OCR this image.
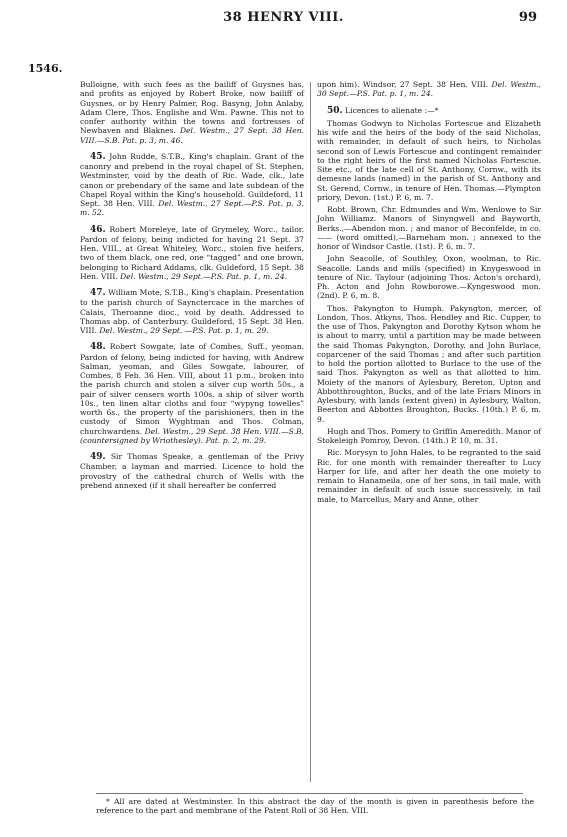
38 HENRY VIII.	99
1546.

Bulloigne, with such fees as the bailiff of Guysnes has, and profits as enjoyed by Robert Broke, now bailiff of Guysnes, or by Henry Palmer, Rog. Basyng, John Anlaby, Adam Clere, Thos. Englishe and Wm. Pawne. This not to confer authority within the towns and fortresses of Newhaven and Blaknes. Del. Westm., 27 Sept. 38 Hen. VIII.—S.B. Pat. p. 3, m. 46.

45. John Rudde, S.T.B., King's chaplain. Grant of the canonry and prebend in the royal chapel of St. Stephen, Westminster, void by the death of Ric. Wade, clk., late canon or prebendary of the same and late subdean of the Chapel Royal within the King's household. Guildeford, 11 Sept. 38 Hen. VIII. Del. Westm., 27 Sept.—P.S. Pat. p. 3, m. 52.

46. Robert Moreleye, late of Grymeley, Worc., tailor. Pardon of felony, being indicted for having 21 Sept. 37 Hen. VIII., at Great Whiteley, Worc., stolen five heifers, two of them black, one red, one “tagged” and one brown, belonging to Richard Addams, clk. Guldeford, 15 Sept. 38 Hen. VIII. Del. Westm., 29 Sept.—P.S. Pat. p. 1, m. 24.

47. William Mote, S.T.B., King's chaplain. Presentation to the parish church of Saynctercace in the marches of Calais, Theroanne dioc., void by death. Addressed to Thomas abp. of Canterbury. Guildeford, 15 Sept. 38 Hen. VIII. Del. Westm., 29 Sept. —P.S. Pat. p. 1, m. 29.

48. Robert Sowgate, late of Combes, Suff., yeoman. Pardon of felony, being indicted for having, with Andrew Salman, yeoman, and Giles Sowgate, labourer, of Combes, 8 Feb. 36 Hen. VIII, about 11 p.m., broken into the parish church and stolen a silver cup worth 50s., a pair of silver censers worth 100s. a ship of silver worth 10s., ten linen altar cloths and four “wypyng towelles” worth 6s., the property of the parishioners, then in the custody of Simon Wyghtman and Thos. Colman, churchwardens. Del. Westm., 29 Sept. 38 Hen. VIII.—S.B. (countersigned by Wriothesley). Pat. p. 2, m. 29.

49. Sir Thomas Speake, a gentleman of the Privy Chamber, a layman and married. Licence to hold the provostry of the cathedral church of Wells with the prebend annexed (if it shall hereafter be conferred

upon him). Windsor, 27 Sept. 38 Hen. VIII. Del. Westm., 30 Sept.—P.S. Pat. p. 1, m. 24.

50. Licences to alienate :—*

Thomas Godwyn to Nicholas Fortescue and Elizabeth his wife and the heirs of the body of the said Nicholas, with remainder, in default of such heirs, to Nicholas second son of Lewis Fortescue and contingent remainder to the right heirs of the first named Nicholas Fortescue. Site etc., of the late cell of St. Anthony, Cornw., with its demesne lands (named) in the parish of St. Anthony and St. Gerend, Cornw., in tenure of Hen. Thomas.—Plympton priory, Devon. (1st.) P. 6, m. 7.

Robt. Brown, Chr. Edmundes and Wm. Wenlowe to Sir John Williamz. Manors of Sinyngwell and Bayworth, Berks.,—Abendon mon. ; and manor of Beconfelde, in co.—— (word omitted),—Barneham mon. ; annexed to the honor of Windsor Castle. (1st). P. 6, m. 7.

John Seacolle, of Southley, Oxon, woolman, to Ric. Seacolle. Lands and mills (specified) in Knygeswood in tenure of Nic. Taylour (adjoining Thos. Acton's orchard), Ph. Acton and John Rowborowe.—Kyngeswood mon. (2nd). P. 6, m. 8.

Thos. Pakyngton to Humph. Pakyngton, mercer, of London, Thos. Atkyns, Thos. Hendley and Ric. Cupper, to the use of Thos. Pakyngton and Dorothy Kytson whom he is about to marry, until a partition may be made between the said Thomas Pakyngton, Dorothy, and John Burlace, coparcener of the said Thomas ; and after such partition to hold the portion allotted to Burlace to the use of the said Thos. Pakyngton as well as that allotted to him. Moiety of the manors of Aylesbury, Bereton, Upton and Abbotthroughton, Bucks, and of the late Friars Minors in Aylesbury, with lands (extent given) in Aylesbury, Walton, Beerton and Abbottes Broughton, Bucks. (10th.) P. 6, m. 9.

Hugh and Thos. Pomery to Griffin Ameredith. Manor of Stokeleigh Pomroy, Devon. (14th.) P. 10, m. 31.

Ric. Morysyn to John Hales, to be regranted to the said Ric. for one month with remainder thereafter to Lucy Harper for life, and after her death the one moiety to remain to Hanameila, one of her sons, in tail male, with remainder in default of such issue successively, in tail male, to Marcellus, Mary and Anne, other

* All are dated at Westminster. In this abstract the day of the month is given in parenthesis before the reference to the part and membrane of the Patent Roll of 38 Hen. VIII.
